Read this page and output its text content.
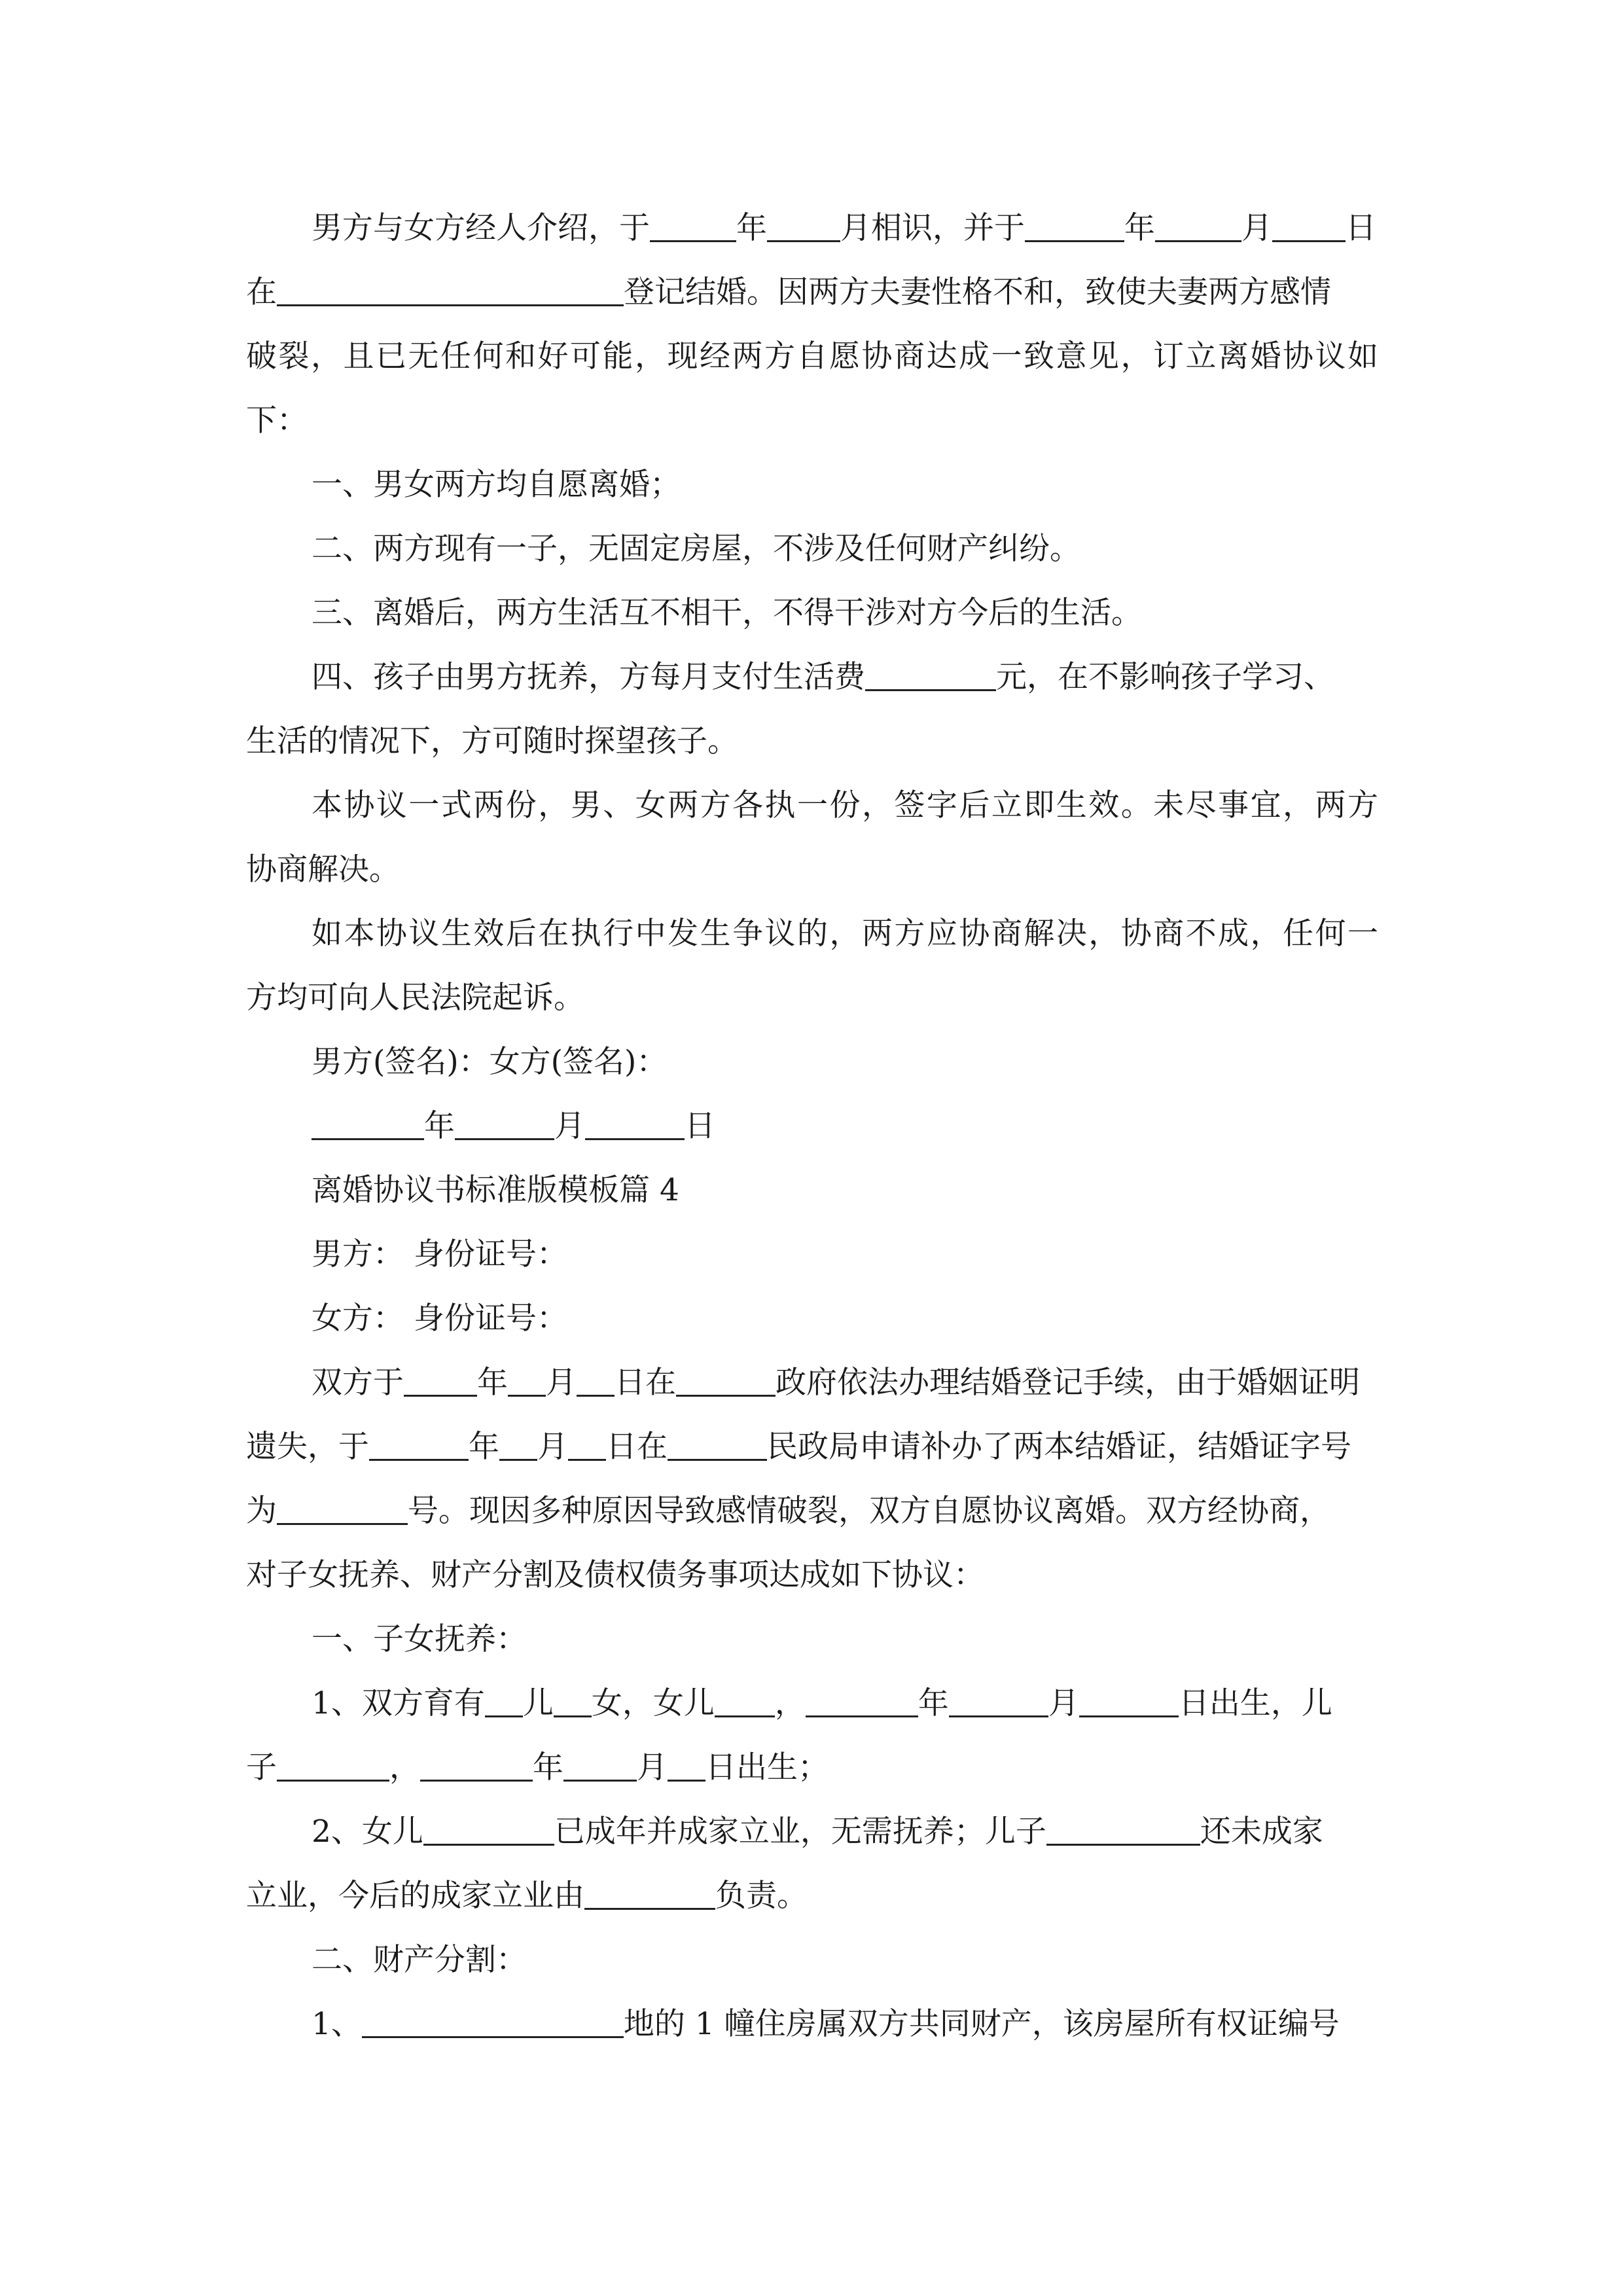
男方与女方经人介绍，于	年 月相识，并于	年	月 日
在	登记结婚。因两方夫妻性格不和，致使夫妻两方感情
破裂，且已无任何和好可能，现经两方自愿协商达成一致意见，订立离婚协议如
下：
一、男女两方均自愿离婚；
二、两方现有一子，无固定房屋，不涉及任何财产纠纷。
三、离婚后，两方生活互不相干，不得干涉对方今后的生活。
四、孩子由男方抚养，方每月支付生活费	元，在不影响孩子学习、
生活的情况下，方可随时探望孩子。
本协议一式两份，男、女两方各执一份，签字后立即生效。未尽事宜，两方
协商解决。
如本协议生效后在执行中发生争议的，两方应协商解决，协商不成，任何一
方均可向人民法院起诉。
男方(签名)：女方(签名)：
年	月	日
离婚协议书标准版模板篇 4
男方： 身份证号：
女方： 身份证号：
双方于 年 月 日在	政府依法办理结婚登记手续，由于婚姻证明
遗失，于	年 月 日在	民政局申请补办了两本结婚证，结婚证字号
为	号。现因多种原因导致感情破裂，双方自愿协议离婚。双方经协商，
对子女抚养、财产分割及债权债务事项达成如下协议：
一、子女抚养：
1、双方育有 儿 女，女儿 ，	年	月	日出生，儿
子	，	年 月 日出生；
2、女儿	已成年并成家立业，无需抚养；儿子	还未成家
立业，今后的成家立业由	负责。
二、财产分割：
1、	地的 1 幢住房属双方共同财产，该房屋所有权证编号
